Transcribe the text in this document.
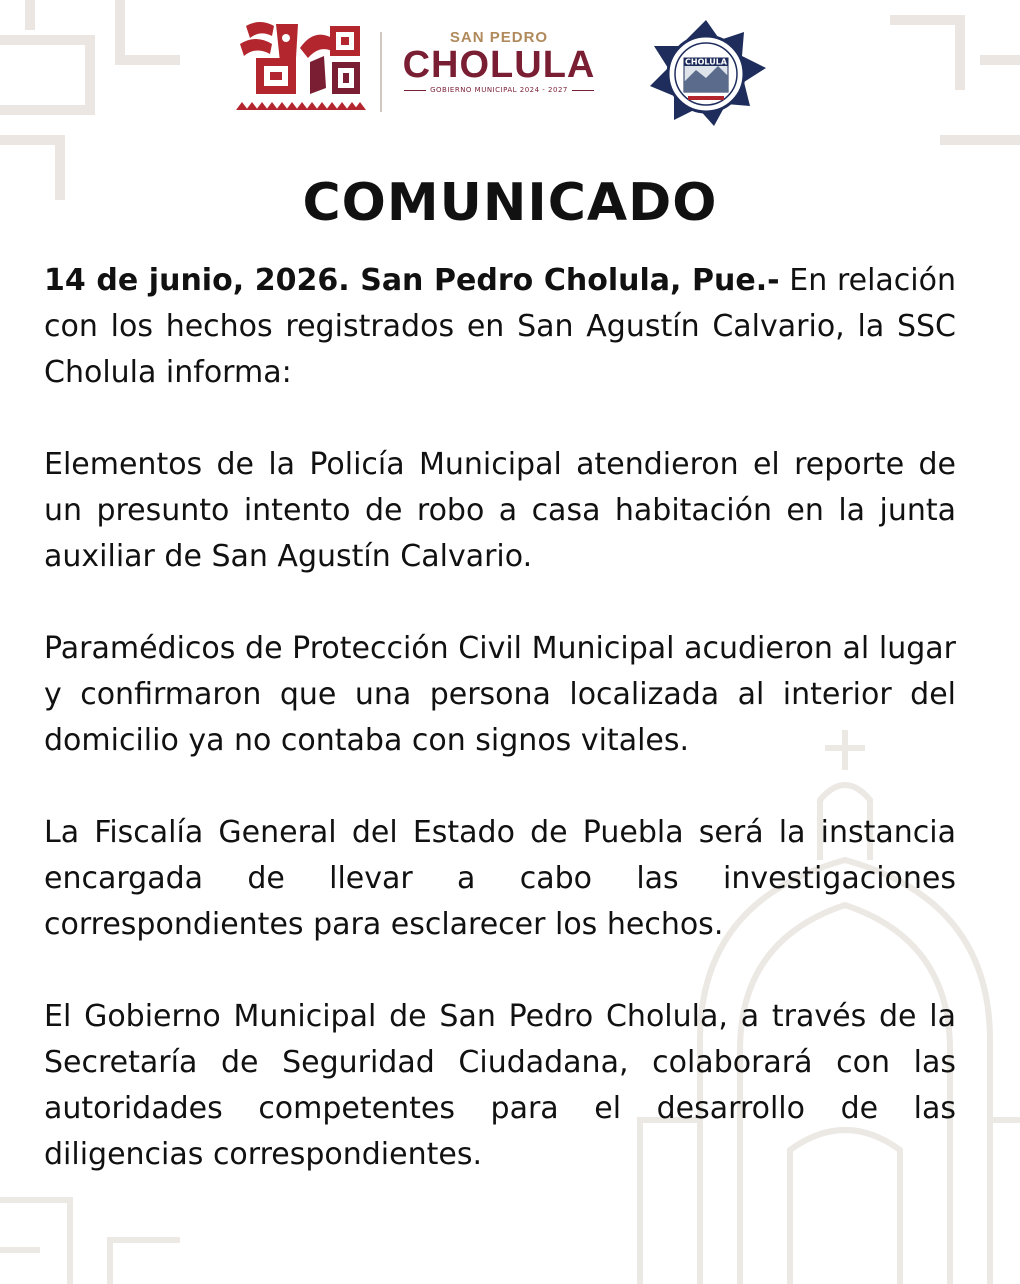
SAN PEDRO
CHOLULA
GOBIERNO MUNICIPAL 2024 - 2027
CHOLULA
COMUNICADO

14 de junio, 2026. San Pedro Cholula, Pue.- En relación con los hechos registrados en San Agustín Calvario, la SSC Cholula informa:

Elementos de la Policía Municipal atendieron el reporte de un presunto intento de robo a casa habitación en la junta auxiliar de San Agustín Calvario.

Paramédicos de Protección Civil Municipal acudieron al lugar y confirmaron que una persona localizada al interior del domicilio ya no contaba con signos vitales.

La Fiscalía General del Estado de Puebla será la instancia encargada de llevar a cabo las investigaciones correspondientes para esclarecer los hechos.

El Gobierno Municipal de San Pedro Cholula, a través de la Secretaría de Seguridad Ciudadana, colaborará con las autoridades competentes para el desarrollo de las diligencias correspondientes.
